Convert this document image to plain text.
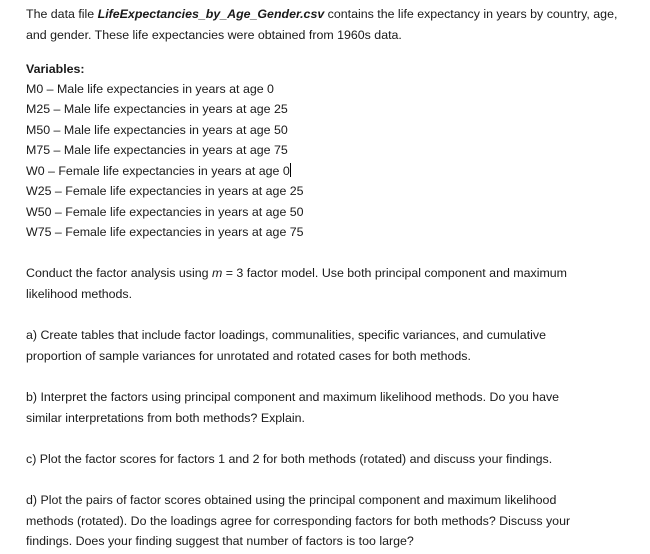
The data file LifeExpectancies_by_Age_Gender.csv contains the life expectancy in years by country, age,
and gender. These life expectancies were obtained from 1960s data.
Variables:
M0 – Male life expectancies in years at age 0
M25 – Male life expectancies in years at age 25
M50 – Male life expectancies in years at age 50
M75 – Male life expectancies in years at age 75
W0 – Female life expectancies in years at age 0
W25 – Female life expectancies in years at age 25
W50 – Female life expectancies in years at age 50
W75 – Female life expectancies in years at age 75
Conduct the factor analysis using m = 3 factor model. Use both principal component and maximum
likelihood methods.
a) Create tables that include factor loadings, communalities, specific variances, and cumulative
proportion of sample variances for unrotated and rotated cases for both methods.
b) Interpret the factors using principal component and maximum likelihood methods. Do you have
similar interpretations from both methods? Explain.
c) Plot the factor scores for factors 1 and 2 for both methods (rotated) and discuss your findings.
d) Plot the pairs of factor scores obtained using the principal component and maximum likelihood
methods (rotated). Do the loadings agree for corresponding factors for both methods? Discuss your
findings. Does your finding suggest that number of factors is too large?
